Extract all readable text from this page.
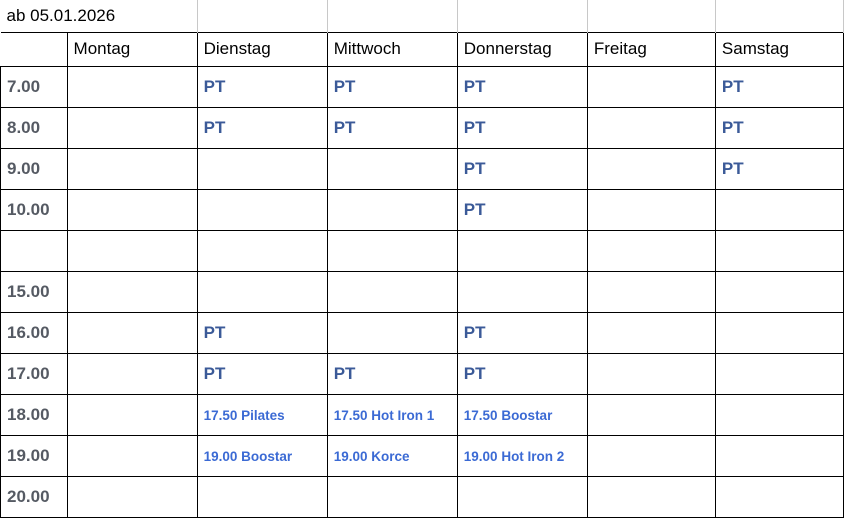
ab 05.01.2026						
	Montag	Dienstag	Mittwoch	Donnerstag	Freitag	Samstag
7.00		PT	PT	PT		PT
8.00		PT	PT	PT		PT
9.00				PT		PT
10.00				PT		

15.00						
16.00		PT		PT		
17.00		PT	PT	PT		
18.00		17.50 Pilates	17.50 Hot Iron 1	17.50 Boostar		
19.00		19.00 Boostar	19.00 Korce	19.00 Hot Iron 2		
20.00						
